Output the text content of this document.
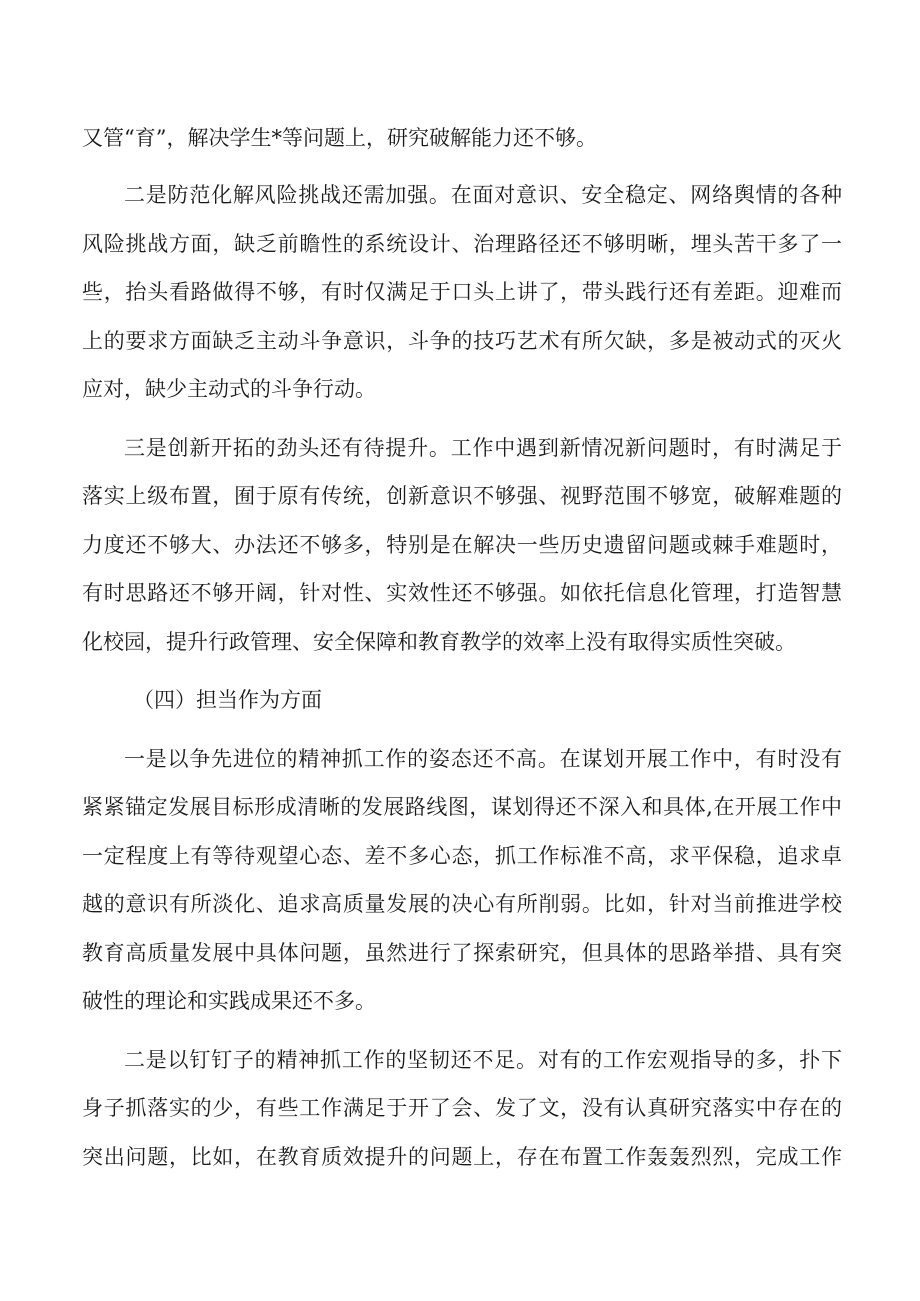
又管“育”，解决学生*等问题上，研究破解能力还不够。
二是防范化解风险挑战还需加强。在面对意识、安全稳定、网络舆情的各种
风险挑战方面，缺乏前瞻性的系统设计、治理路径还不够明晰，埋头苦干多了一
些，抬头看路做得不够，有时仅满足于口头上讲了，带头践行还有差距。迎难而
上的要求方面缺乏主动斗争意识，斗争的技巧艺术有所欠缺，多是被动式的灭火
应对，缺少主动式的斗争行动。
三是创新开拓的劲头还有待提升。工作中遇到新情况新问题时，有时满足于
落实上级布置，囿于原有传统，创新意识不够强、视野范围不够宽，破解难题的
力度还不够大、办法还不够多，特别是在解决一些历史遗留问题或棘手难题时，
有时思路还不够开阔，针对性、实效性还不够强。如依托信息化管理，打造智慧
化校园，提升行政管理、安全保障和教育教学的效率上没有取得实质性突破。
（四）担当作为方面
一是以争先进位的精神抓工作的姿态还不高。在谋划开展工作中，有时没有
紧紧锚定发展目标形成清晰的发展路线图，谋划得还不深入和具体,在开展工作中
一定程度上有等待观望心态、差不多心态，抓工作标准不高，求平保稳，追求卓
越的意识有所淡化、追求高质量发展的决心有所削弱。比如，针对当前推进学校
教育高质量发展中具体问题，虽然进行了探索研究，但具体的思路举措、具有突
破性的理论和实践成果还不多。
二是以钉钉子的精神抓工作的坚韧还不足。对有的工作宏观指导的多，扑下
身子抓落实的少，有些工作满足于开了会、发了文，没有认真研究落实中存在的
突出问题，比如，在教育质效提升的问题上，存在布置工作轰轰烈烈，完成工作
